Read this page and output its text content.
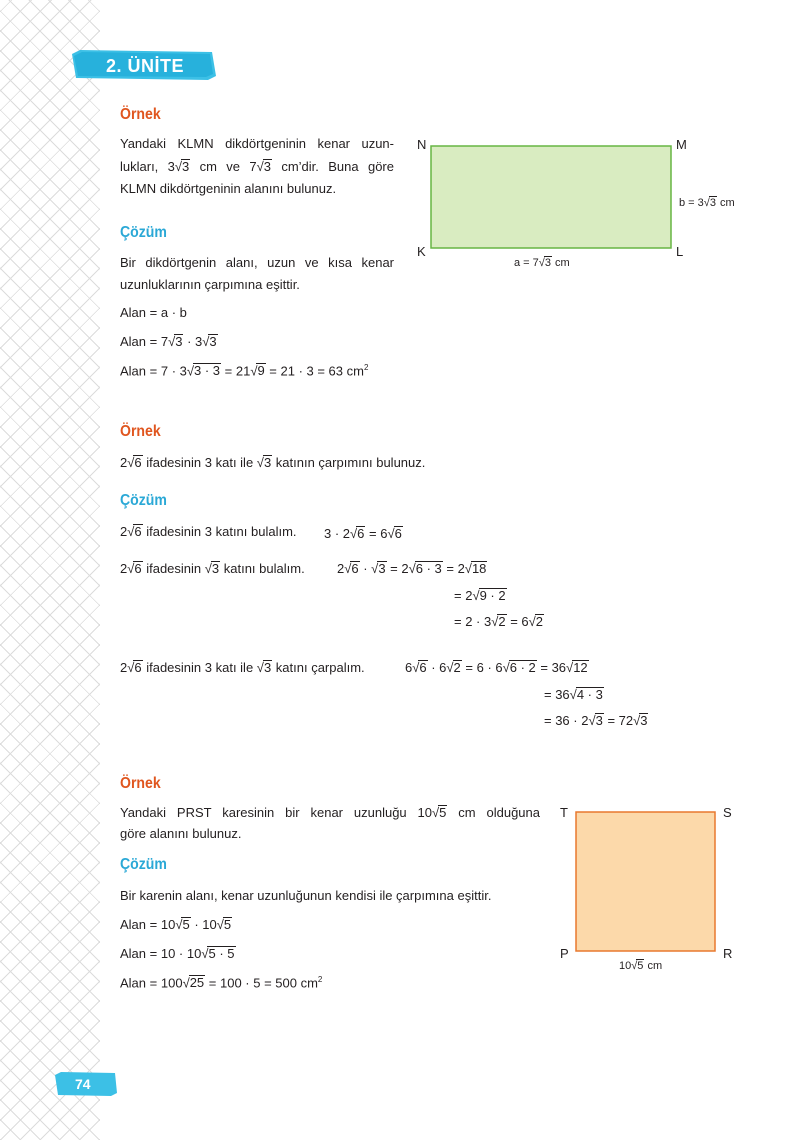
2. ÜNİTE
Örnek
Yandaki KLMN dikdörtgeninin kenar uzun-
lukları, 3√3 cm ve 7√3 cm’dir. Buna göre
KLMN dikdörtgeninin alanını bulunuz.
Çözüm
Bir dikdörtgenin alanı, uzun ve kısa kenar
uzunluklarının çarpımına eşittir.
Alan = a · b
Alan = 7√3 · 3√3
Alan = 7 · 3√3 · 3 = 21√9 = 21 · 3 = 63 $cm^2$
N	M
K	L
b = 3√3 cm
a = 7√3 cm
Örnek
2√6 ifadesinin 3 katı ile √3 katının çarpımını bulunuz.
Çözüm
2√6 ifadesinin 3 katını bulalım. 3 · 2√6 = 6√6
2√6 ifadesinin √3 katını bulalım. 2√6 · √3 = 2√6 · 3 = 2√18
= 2√9 · 2
= 2 · 3√2 = 6√2
2√6 ifadesinin 3 katı ile √3 katını çarpalım.	6√6 · 6√2 = 6 · 6√6 · 2 = 36√12
= 36√4 · 3
= 36 · 2√3 = 72√3
Örnek
Yandaki PRST karesinin bir kenar uzunluğu 10√5 cm olduğuna
göre alanını bulunuz.
Çözüm
Bir karenin alanı, kenar uzunluğunun kendisi ile çarpımına eşittir.
Alan = 10√5 · 10√5
Alan = 10 · 10√5 · 5
Alan = 100√25 = 100 · 5 = 500 $cm^2$
T	S
P	R
10√5 cm
74
